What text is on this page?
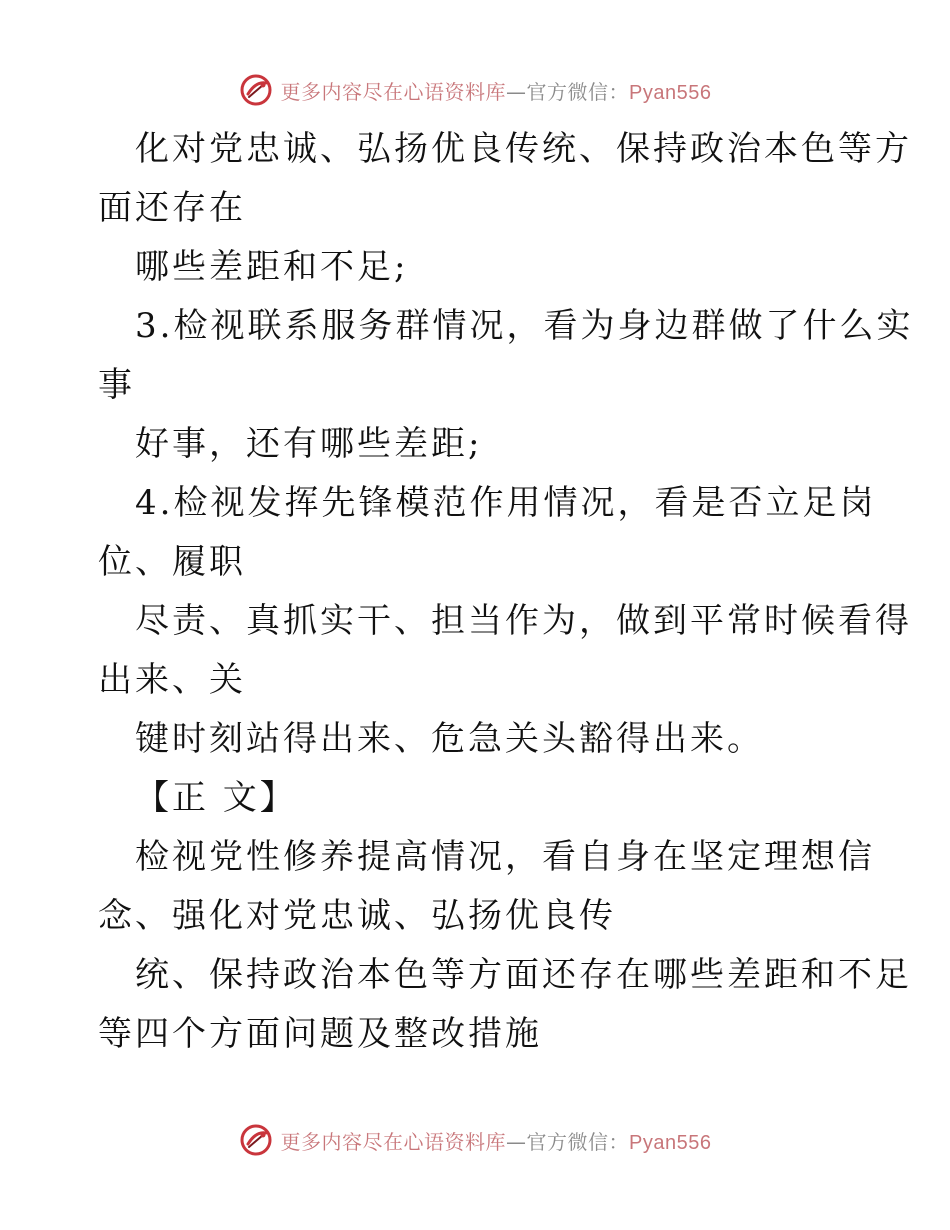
更多内容尽在心语资料库 — 官方微信： Pyan556
化对党忠诚、弘扬优良传统、保持政治本色等方
面还存在
哪些差距和不足;
3.检视联系服务群情况，看为身边群做了什么实
事
好事，还有哪些差距;
4.检视发挥先锋模范作用情况，看是否立足岗
位、履职
尽责、真抓实干、担当作为，做到平常时候看得
出来、关
键时刻站得出来、危急关头豁得出来。
【正 文】
检视党性修养提高情况，看自身在坚定理想信
念、强化对党忠诚、弘扬优良传
统、保持政治本色等方面还存在哪些差距和不足
等四个方面问题及整改措施
更多内容尽在心语资料库 — 官方微信： Pyan556
